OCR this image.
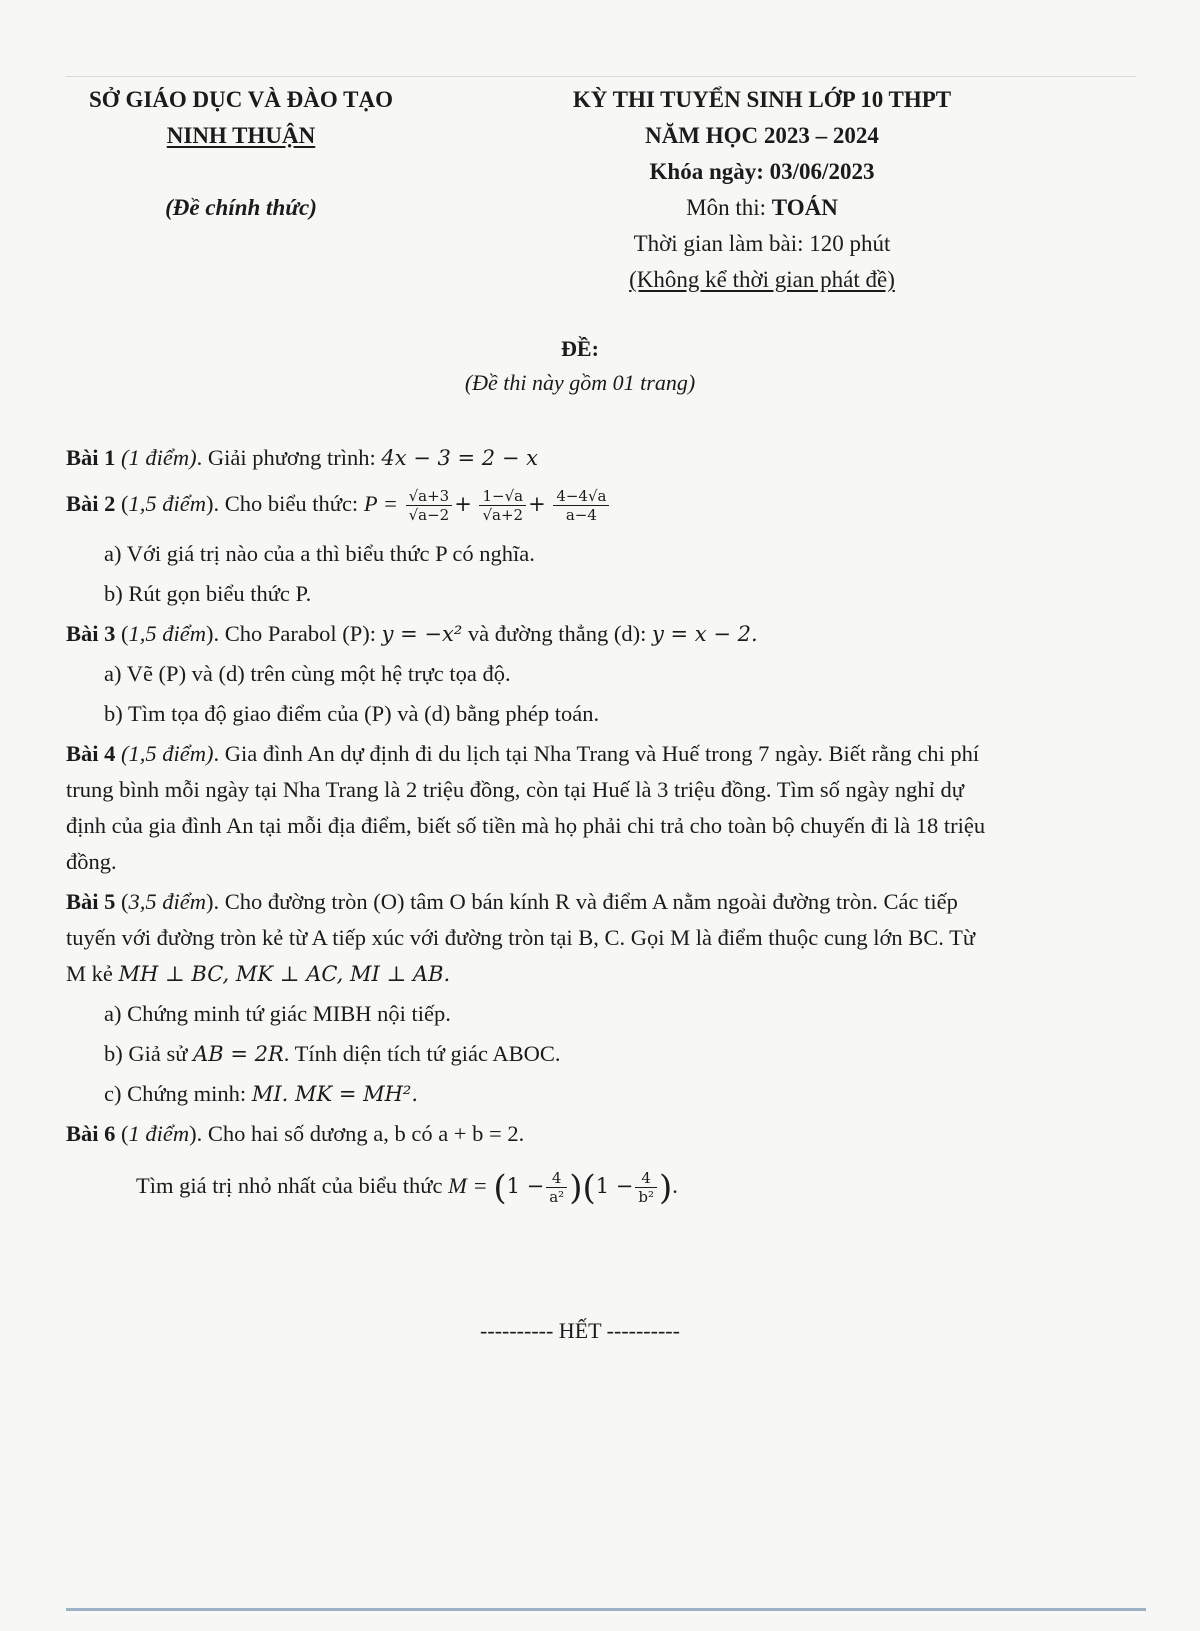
SỞ GIÁO DỤC VÀ ĐÀO TẠO
NINH THUẬN
(Đề chính thức)
KỲ THI TUYỂN SINH LỚP 10 THPT
NĂM HỌC 2023 – 2024
Khóa ngày: 03/06/2023
Môn thi: TOÁN
Thời gian làm bài: 120 phút
(Không kể thời gian phát đề)
ĐỀ:
(Đề thi này gồm 01 trang)

Bài 1 (1 điểm). Giải phương trình: 4x − 3 = 2 − x

Bài 2 (1,5 điểm). Cho biểu thức: $P = \frac{√a+3}{√a-2} + \frac{1-√a}{√a+2} + \frac{4-4√a}{a-4}$

a) Với giá trị nào của a thì biểu thức P có nghĩa.

b) Rút gọn biểu thức P.

Bài 3 (1,5 điểm). Cho Parabol (P): y = −x² và đường thẳng (d): y = x − 2.

a) Vẽ (P) và (d) trên cùng một hệ trực tọa độ.

b) Tìm tọa độ giao điểm của (P) và (d) bằng phép toán.

Bài 4 (1,5 điểm). Gia đình An dự định đi du lịch tại Nha Trang và Huế trong 7 ngày. Biết rằng chi phí
trung bình mỗi ngày tại Nha Trang là 2 triệu đồng, còn tại Huế là 3 triệu đồng. Tìm số ngày nghỉ dự
định của gia đình An tại mỗi địa điểm, biết số tiền mà họ phải chi trả cho toàn bộ chuyến đi là 18 triệu
đồng.

Bài 5 (3,5 điểm). Cho đường tròn (O) tâm O bán kính R và điểm A nằm ngoài đường tròn. Các tiếp
tuyến với đường tròn kẻ từ A tiếp xúc với đường tròn tại B, C. Gọi M là điểm thuộc cung lớn BC. Từ
M kẻ MH ⊥ BC, MK ⊥ AC, MI ⊥ AB.

a) Chứng minh tứ giác MIBH nội tiếp.

b) Giả sử AB = 2R. Tính diện tích tứ giác ABOC.

c) Chứng minh: MI. MK = MH².

Bài 6 (1 điểm). Cho hai số dương a, b có a + b = 2.

Tìm giá trị nhỏ nhất của biểu thức $M = (1 - \frac{4}{\text{a²}} )(1 - \frac{4}{\text{b²}}$ ).

---------- HẾT ----------
